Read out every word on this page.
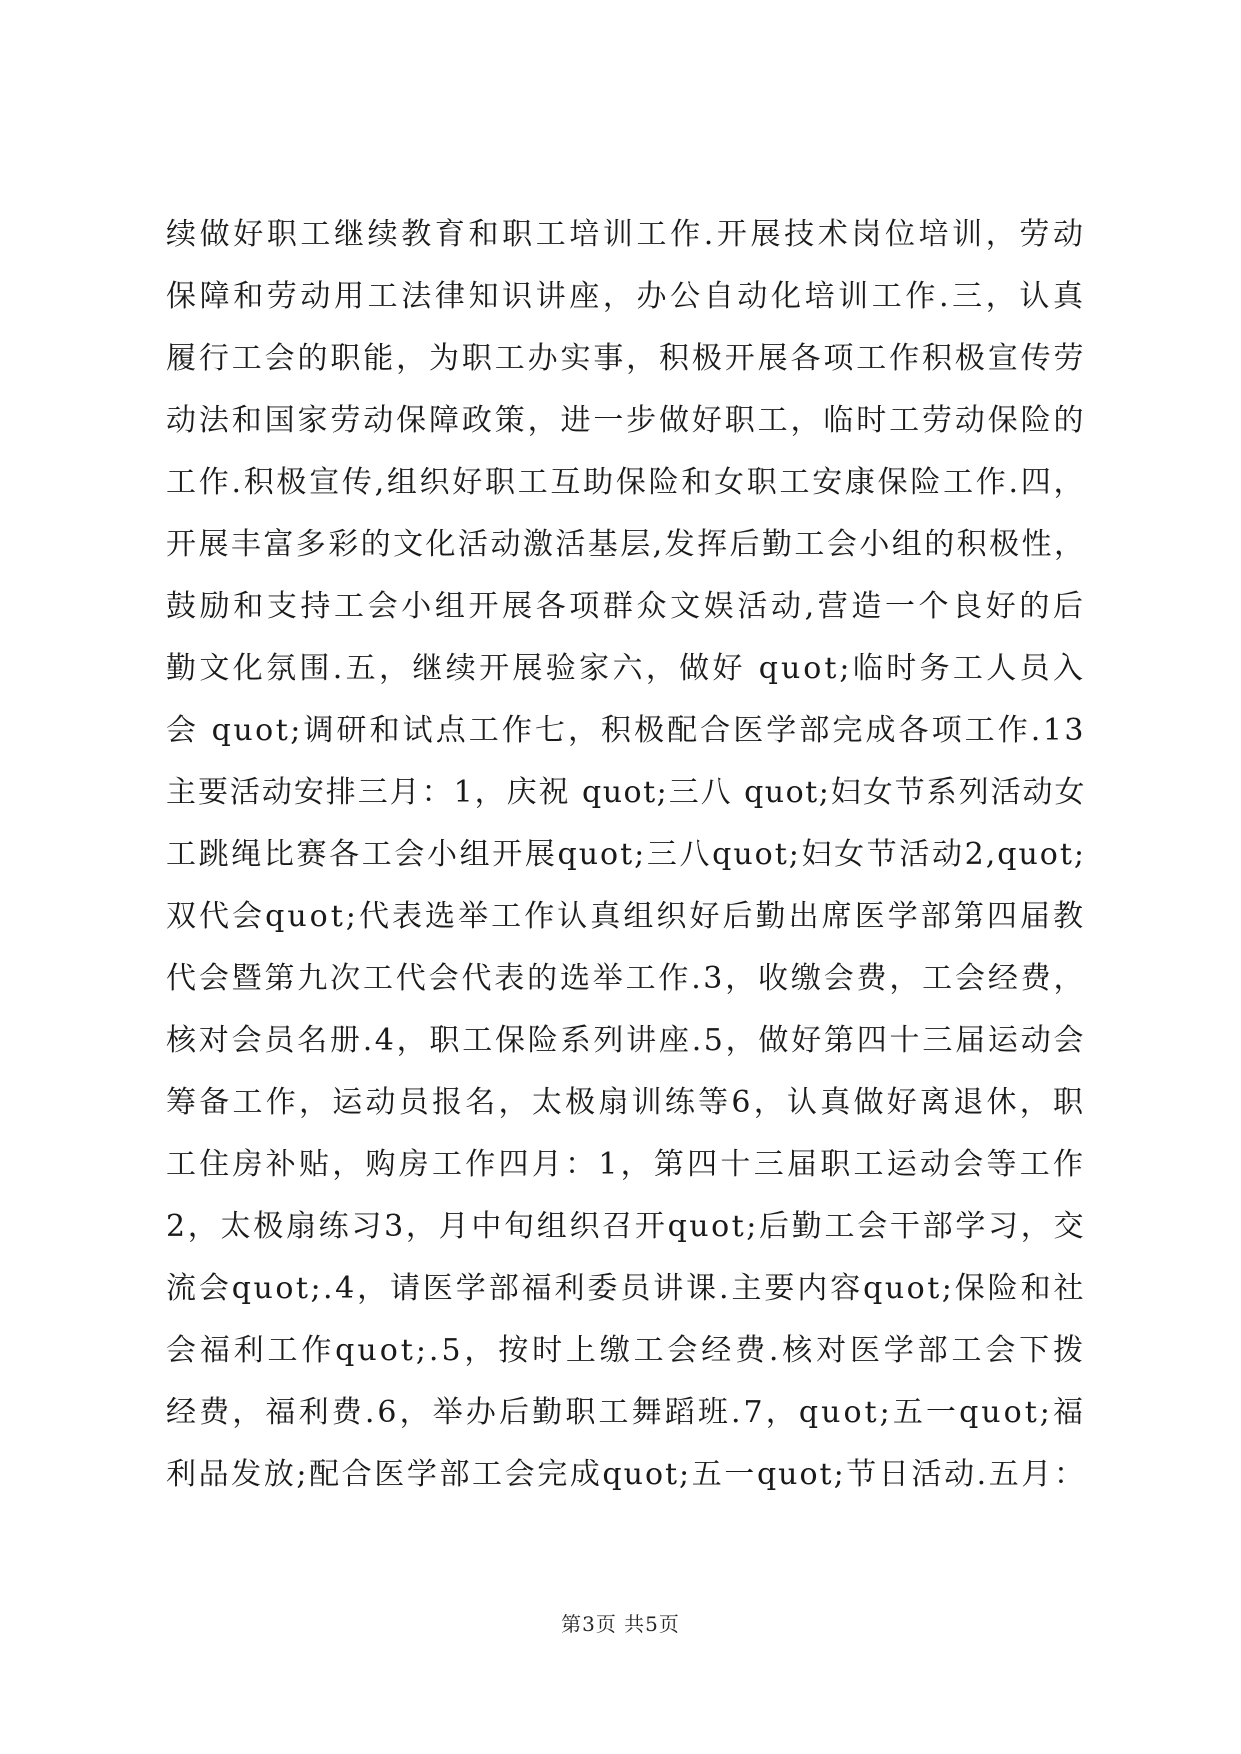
续做好职工继续教育和职工培训工作.开展技术岗位培训，劳动
保障和劳动用工法律知识讲座，办公自动化培训工作.三，认真
履行工会的职能，为职工办实事，积极开展各项工作积极宣传劳
动法和国家劳动保障政策，进一步做好职工，临时工劳动保险的
工作.积极宣传,组织好职工互助保险和女职工安康保险工作.四，
开展丰富多彩的文化活动激活基层,发挥后勤工会小组的积极性，
鼓励和支持工会小组开展各项群众文娱活动,营造一个良好的后
勤文化氛围.五，继续开展验家六，做好 quot;临时务工人员入
会 quot;调研和试点工作七，积极配合医学部完成各项工作.13
主要活动安排三月：1，庆祝 quot;三八 quot;妇女节系列活动女
工跳绳比赛各工会小组开展quot;三八quot;妇女节活动2,quot;
双代会quot;代表选举工作认真组织好后勤出席医学部第四届教
代会暨第九次工代会代表的选举工作.3，收缴会费，工会经费，
核对会员名册.4，职工保险系列讲座.5，做好第四十三届运动会
筹备工作，运动员报名，太极扇训练等6，认真做好离退休，职
工住房补贴，购房工作四月：1，第四十三届职工运动会等工作
2，太极扇练习3，月中旬组织召开quot;后勤工会干部学习，交
流会quot;.4，请医学部福利委员讲课.主要内容quot;保险和社
会福利工作quot;.5，按时上缴工会经费.核对医学部工会下拨
经费，福利费.6，举办后勤职工舞蹈班.7，quot;五一quot;福
利品发放;配合医学部工会完成quot;五一quot;节日活动.五月：
第3页 共5页
